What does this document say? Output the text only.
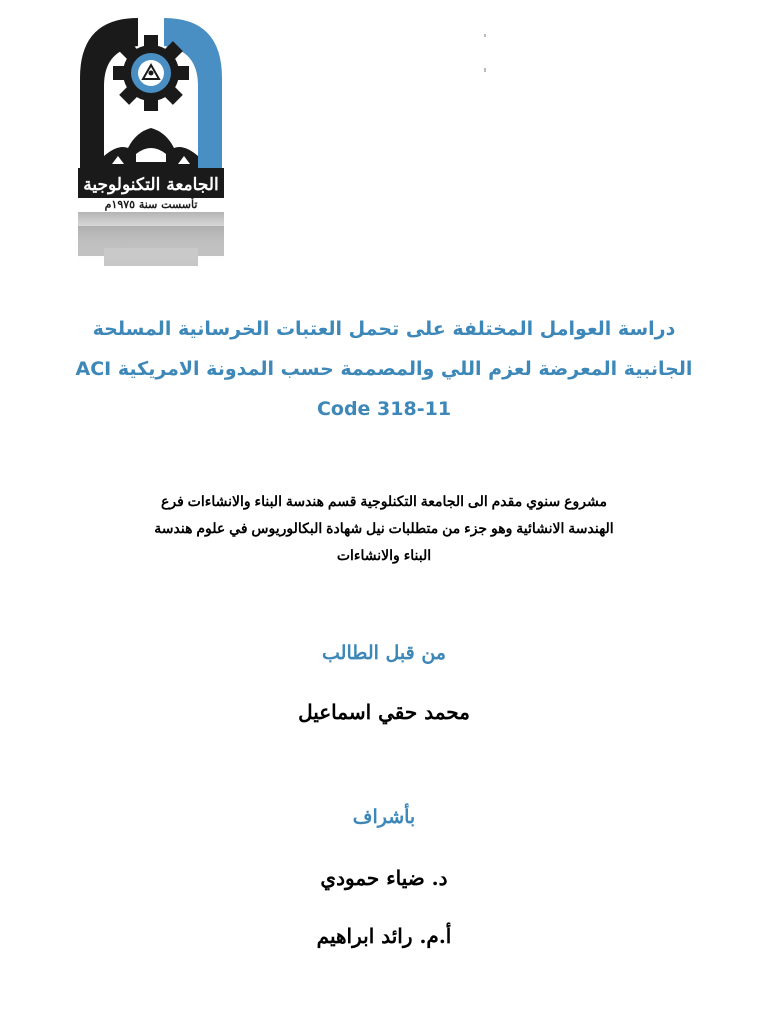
الجامعة التكنولوجية
تأسست سنة ١٩٧٥م
دراسة العوامل المختلفة على تحمل العتبات الخرسانية المسلحة
الجانبية المعرضة لعزم اللي والمصممة حسب المدونة الامريكية ACI
Code 318-11
مشروع سنوي مقدم الى الجامعة التكنلوجية قسم هندسة البناء والانشاءات فرع
الهندسة الانشائية وهو جزء من متطلبات نيل شهادة البكالوريوس في علوم هندسة
البناء والانشاءات
من قبل الطالب
محمد حقي اسماعيل
بأشراف
د. ضياء حمودي
أ.م. رائد ابراهيم
